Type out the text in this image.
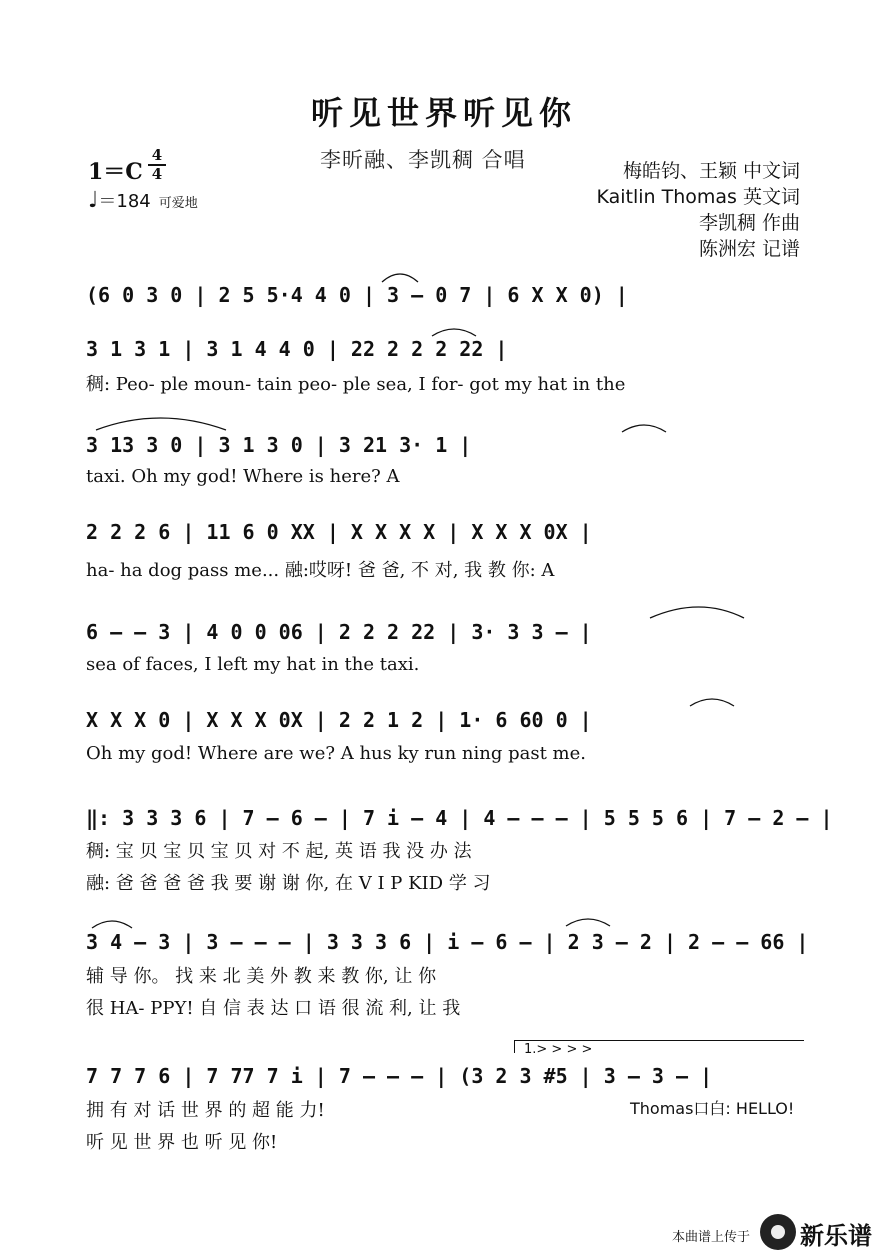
听见世界听见你
李昕融、李凯稠 合唱
1＝C
4
4
♩＝184 可爱地
梅皓钧、王颖 中文词
Kaitlin Thomas 英文词
李凯稠 作曲
陈洲宏 记谱
(6 0 3 0 | 2 5 5·4 4 0 | 3 – 0 7 | 6 X X 0) |
3 1 3 1 | 3 1 4 4 0 | 22 2 2 2 22 |
稠: Peo- ple moun- tain peo- ple sea, I for- got my hat in the
3 13 3 0 | 3 1 3 0 | 3 21 3· 1 |
taxi. Oh my god! Where is here? A
2 2 2 6 | 11 6 0 XX | X X X X | X X X 0X |
ha- ha dog pass me... 融:哎呀! 爸 爸, 不 对, 我 教 你: A
6 – – 3 | 4 0 0 06 | 2 2 2 22 | 3· 3 3 – |
sea of faces, I left my hat in the taxi.
X X X 0 | X X X 0X | 2 2 1 2 | 1· 6 60 0 |
Oh my god! Where are we? A hus ky run ning past me.
‖: 3 3 3 6 | 7 – 6 – | 7 i – 4 | 4 – – – | 5 5 5 6 | 7 – 2 – |
稠: 宝 贝 宝 贝 宝 贝 对 不 起, 英 语 我 没 办 法
融: 爸 爸 爸 爸 我 要 谢 谢 你, 在 V I P KID 学 习
3 4 – 3 | 3 – – – | 3 3 3 6 | i – 6 – | 2 3 – 2 | 2 – – 66 |
辅 导 你。 找 来 北 美 外 教 来 教 你, 让 你
很 HA- PPY! 自 信 表 达 口 语 很 流 利, 让 我
1.> > > >
7 7 7 6 | 7 77 7 i | 7 – – – | (3 2 3 #5 | 3 – 3 – |
拥 有 对 话 世 界 的 超 能 力!	Thomas口白: HELLO!
听 见 世 界 也 听 见 你!
本曲谱上传于 新乐谱
